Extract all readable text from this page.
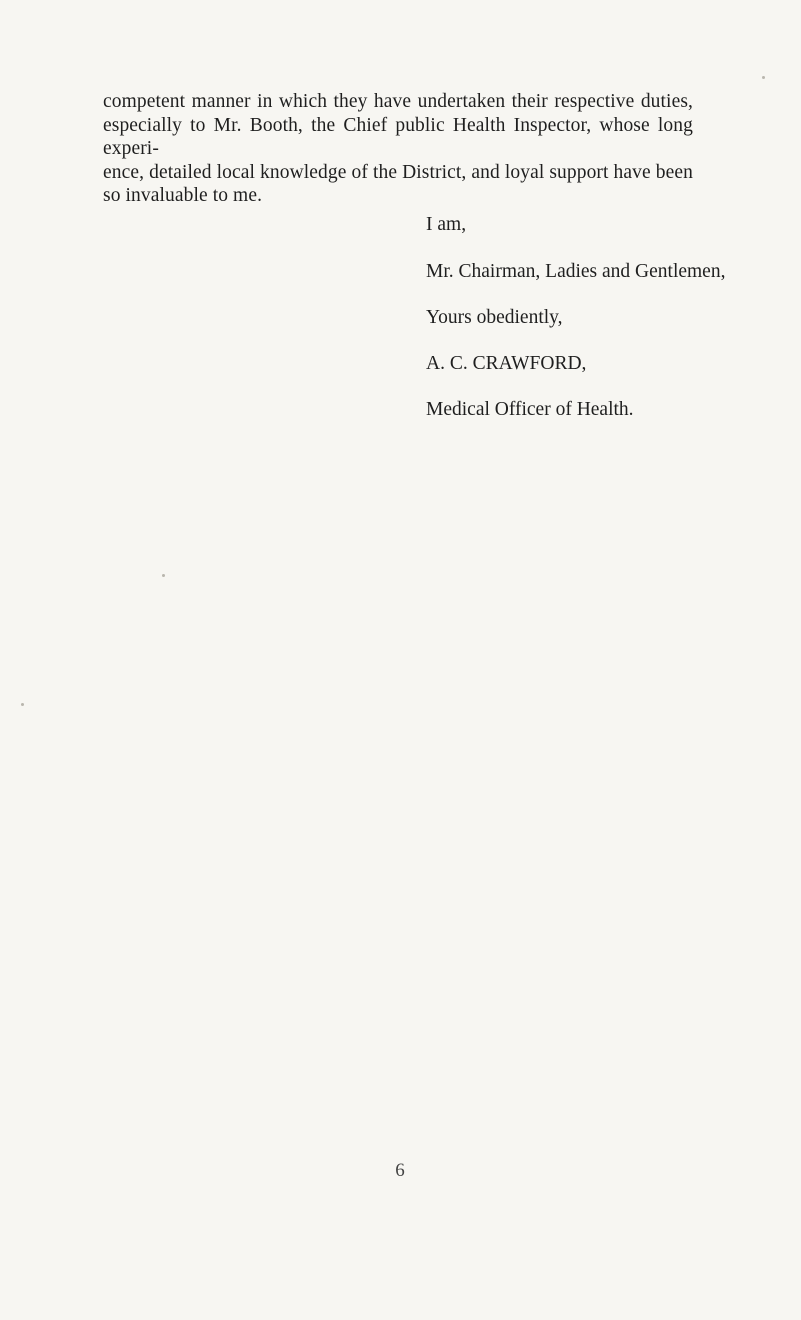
competent manner in which they have undertaken their respective duties,
especially to Mr. Booth, the Chief public Health Inspector, whose long experi-
ence, detailed local knowledge of the District, and loyal support have been
so invaluable to me.
I am,
Mr. Chairman, Ladies and Gentlemen,
Yours obediently,
A. C. CRAWFORD,
Medical Officer of Health.
6
